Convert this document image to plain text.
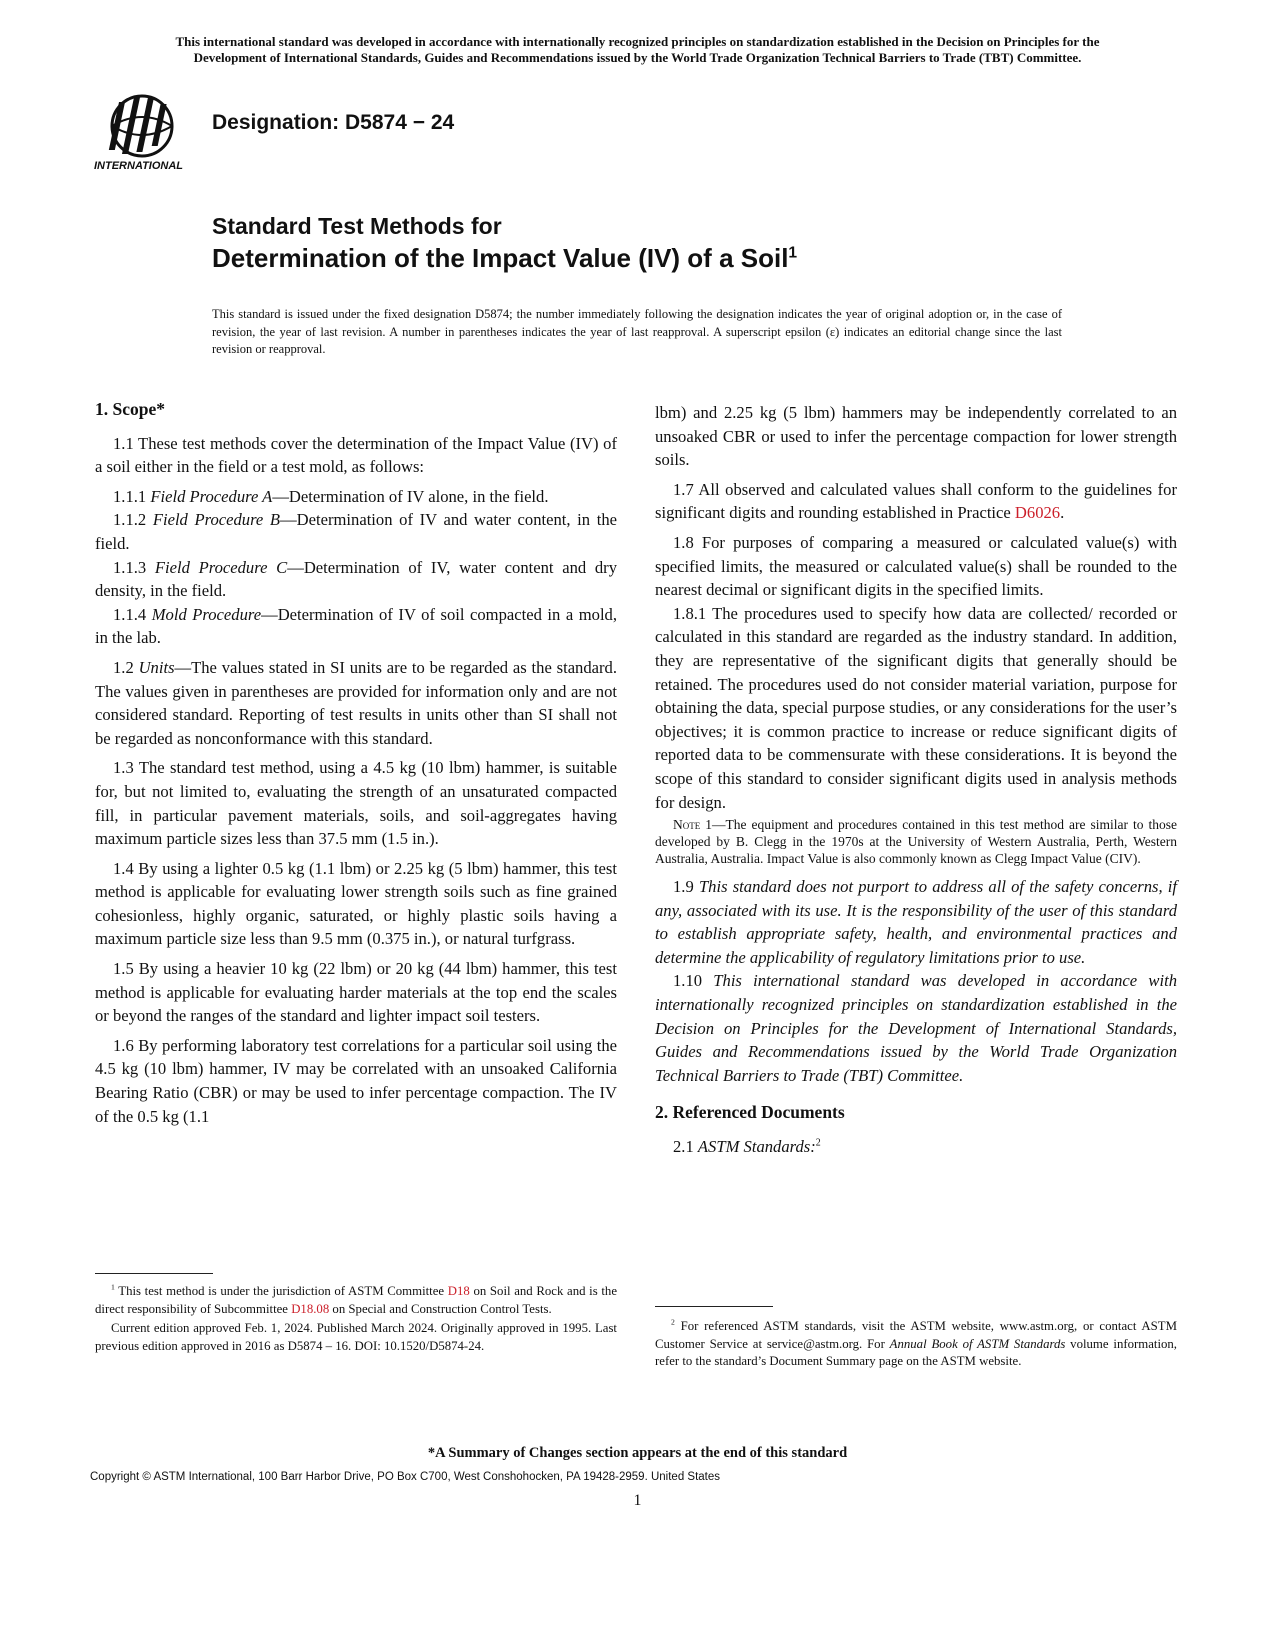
This international standard was developed in accordance with internationally recognized principles on standardization established in the Decision on Principles for the
Development of International Standards, Guides and Recommendations issued by the World Trade Organization Technical Barriers to Trade (TBT) Committee.
INTERNATIONAL
Designation: D5874 − 24
Standard Test Methods for
Determination of the Impact Value (IV) of a Soil$^1$
This standard is issued under the fixed designation D5874; the number immediately following the designation indicates the year of original adoption or, in the case of revision, the year of last revision. A number in parentheses indicates the year of last reapproval. A superscript epsilon (ε) indicates an editorial change since the last revision or reapproval.
1. Scope*

1.1 These test methods cover the determination of the Impact Value (IV) of a soil either in the field or a test mold, as follows:

1.1.1 Field Procedure A—Determination of IV alone, in the field.

1.1.2 Field Procedure B—Determination of IV and water content, in the field.

1.1.3 Field Procedure C—Determination of IV, water content and dry density, in the field.

1.1.4 Mold Procedure—Determination of IV of soil compacted in a mold, in the lab.

1.2 Units—The values stated in SI units are to be regarded as the standard. The values given in parentheses are provided for information only and are not considered standard. Reporting of test results in units other than SI shall not be regarded as nonconformance with this standard.

1.3 The standard test method, using a 4.5 kg (10 lbm) hammer, is suitable for, but not limited to, evaluating the strength of an unsaturated compacted fill, in particular pavement materials, soils, and soil-aggregates having maximum particle sizes less than 37.5 mm (1.5 in.).

1.4 By using a lighter 0.5 kg (1.1 lbm) or 2.25 kg (5 lbm) hammer, this test method is applicable for evaluating lower strength soils such as fine grained cohesionless, highly organic, saturated, or highly plastic soils having a maximum particle size less than 9.5 mm (0.375 in.), or natural turfgrass.

1.5 By using a heavier 10 kg (22 lbm) or 20 kg (44 lbm) hammer, this test method is applicable for evaluating harder materials at the top end the scales or beyond the ranges of the standard and lighter impact soil testers.

1.6 By performing laboratory test correlations for a particular soil using the 4.5 kg (10 lbm) hammer, IV may be correlated with an unsoaked California Bearing Ratio (CBR) or may be used to infer percentage compaction. The IV of the 0.5 kg (1.1

lbm) and 2.25 kg (5 lbm) hammers may be independently correlated to an unsoaked CBR or used to infer the percentage compaction for lower strength soils.

1.7 All observed and calculated values shall conform to the guidelines for significant digits and rounding established in Practice D6026.

1.8 For purposes of comparing a measured or calculated value(s) with specified limits, the measured or calculated value(s) shall be rounded to the nearest decimal or significant digits in the specified limits.

1.8.1 The procedures used to specify how data are collected/ recorded or calculated in this standard are regarded as the industry standard. In addition, they are representative of the significant digits that generally should be retained. The procedures used do not consider material variation, purpose for obtaining the data, special purpose studies, or any considerations for the user’s objectives; it is common practice to increase or reduce significant digits of reported data to be commensurate with these considerations. It is beyond the scope of this standard to consider significant digits used in analysis methods for design.

Note 1—The equipment and procedures contained in this test method are similar to those developed by B. Clegg in the 1970s at the University of Western Australia, Perth, Western Australia, Australia. Impact Value is also commonly known as Clegg Impact Value (CIV).

1.9 This standard does not purport to address all of the safety concerns, if any, associated with its use. It is the responsibility of the user of this standard to establish appropriate safety, health, and environmental practices and determine the applicability of regulatory limitations prior to use.

1.10 This international standard was developed in accordance with internationally recognized principles on standardization established in the Decision on Principles for the Development of International Standards, Guides and Recommendations issued by the World Trade Organization Technical Barriers to Trade (TBT) Committee.

2. Referenced Documents

2.1 ASTM Standards:$^2$

$^1$ This test method is under the jurisdiction of ASTM Committee D18 on Soil and Rock and is the direct responsibility of Subcommittee D18.08 on Special and Construction Control Tests.

Current edition approved Feb. 1, 2024. Published March 2024. Originally approved in 1995. Last previous edition approved in 2016 as D5874 – 16. DOI: 10.1520/D5874-24.

$^2$ For referenced ASTM standards, visit the ASTM website, www.astm.org, or contact ASTM Customer Service at service@astm.org. For Annual Book of ASTM Standards volume information, refer to the standard’s Document Summary page on the ASTM website.

*A Summary of Changes section appears at the end of this standard
Copyright © ASTM International, 100 Barr Harbor Drive, PO Box C700, West Conshohocken, PA 19428-2959. United States
1
